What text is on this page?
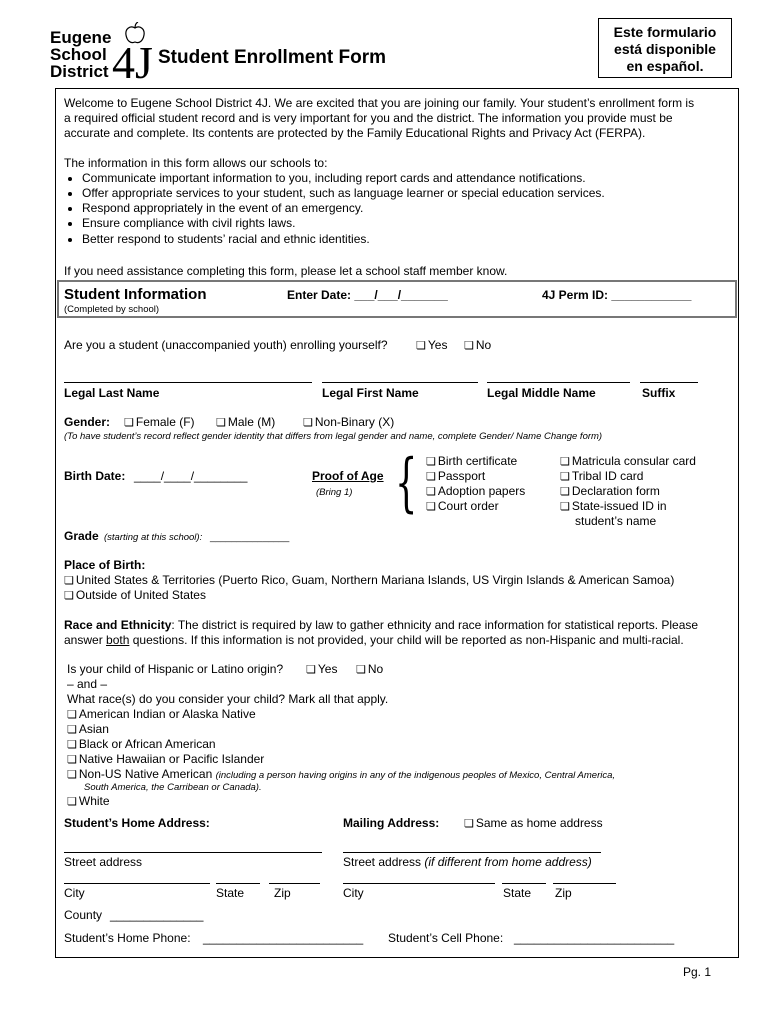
Eugene
School
District 4J Student Enrollment Form
Este formulario
está disponible
en español.
Welcome to Eugene School District 4J. We are excited that you are joining our family. Your student’s enrollment form is
a required official student record and is very important for you and the district. The information you provide must be
accurate and complete. Its contents are protected by the Family Educational Rights and Privacy Act (FERPA).
The information in this form allows our schools to:
• Communicate important information to you, including report cards and attendance notifications.
• Offer appropriate services to your student, such as language learner or special education services.
• Respond appropriately in the event of an emergency.
• Ensure compliance with civil rights laws.
• Better respond to students’ racial and ethnic identities.
If you need assistance completing this form, please let a school staff member know.
Student Information
(Completed by school)
Enter Date: ___/___/_______	4J Perm ID: ____________
Are you a student (unaccompanied youth) enrolling yourself?	❏ Yes	❏ No
Legal Last Name	Legal First Name	Legal Middle Name	Suffix
Gender:	❏ Female (F)	❏ Male (M)	❏ Non-Binary (X)
(To have student’s record reflect gender identity that differs from legal gender and name, complete Gender/ Name Change form)
Birth Date: ____/____/________	Proof of Age
(Bring 1) {	❏ Birth certificate
❏ Passport
❏ Adoption papers
❏ Court order
❏ Matricula consular card
❏ Tribal ID card
❏ Declaration form
❏ State-issued ID in
student’s name
Grade (starting at this school): _______________
Place of Birth:
❏ United States & Territories (Puerto Rico, Guam, Northern Mariana Islands, US Virgin Islands & American Samoa)
❏ Outside of United States
Race and Ethnicity: The district is required by law to gather ethnicity and race information for statistical reports. Please
answer both questions. If this information is not provided, your child will be reported as non-Hispanic and multi-racial.
Is your child of Hispanic or Latino origin?	❏ Yes	❏ No
– and –
What race(s) do you consider your child? Mark all that apply.
❏ American Indian or Alaska Native
❏ Asian
❏ Black or African American
❏ Native Hawaiian or Pacific Islander
❏ Non-US Native American (including a person having origins in any of the indigenous peoples of Mexico, Central America,
South America, the Carribean or Canada).
❏ White
Student’s Home Address:	Mailing Address:	❏ Same as home address
Street address	Street address (if different from home address)
City	State Zip	City	State Zip
County ______________
Student’s Home Phone: ________________________ Student’s Cell Phone: ________________________
Pg. 1
